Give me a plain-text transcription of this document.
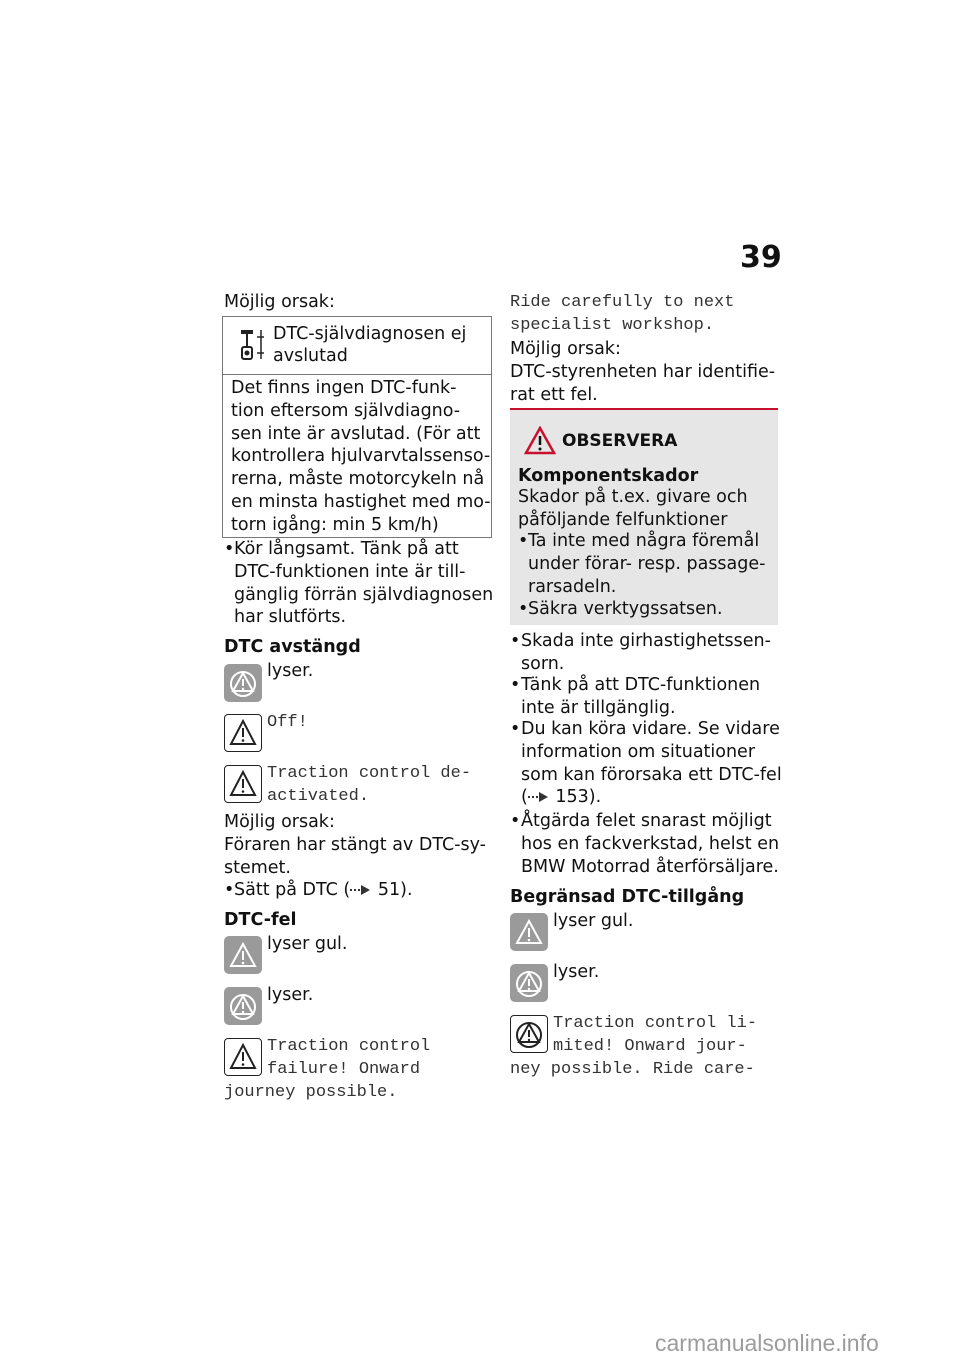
39
Möjlig orsak:
DTC-självdiagnosen ej
avslutad
Det finns ingen DTC-funk-
tion eftersom självdiagno-
sen inte är avslutad. (För att
kontrollera hjulvarvtalssenso-
rerna, måste motorcykeln nå
en minsta hastighet med mo-
torn igång: min 5 km/h)
• Kör långsamt. Tänk på att
DTC-funktionen inte är till-
gänglig förrän självdiagnosen
har slutförts.
DTC avstängd
lyser.
Off!
Traction control de-
activated.
Möjlig orsak:
Föraren har stängt av DTC-sy-
stemet.
• Sätt på DTC ( 51).
DTC-fel
lyser gul.
lyser.
Traction control
failure! Onward
journey possible.
Ride carefully to next
specialist workshop.
Möjlig orsak:
DTC-styrenheten har identifie-
rat ett fel.
OBSERVERA
Komponentskador
Skador på t.ex. givare och
påföljande felfunktioner
• Ta inte med några föremål
under förar- resp. passage-
rarsadeln.
• Säkra verktygssatsen.
• Skada inte girhastighetssen-
sorn.
• Tänk på att DTC-funktionen
inte är tillgänglig.
• Du kan köra vidare. Se vidare
information om situationer
som kan förorsaka ett DTC-fel
( 153).
• Åtgärda felet snarast möjligt
hos en fackverkstad, helst en
BMW Motorrad återförsäljare.
Begränsad DTC-tillgång
lyser gul.
lyser.
Traction control li-
mited! Onward jour-
ney possible. Ride care-
carmanualsonline.info
